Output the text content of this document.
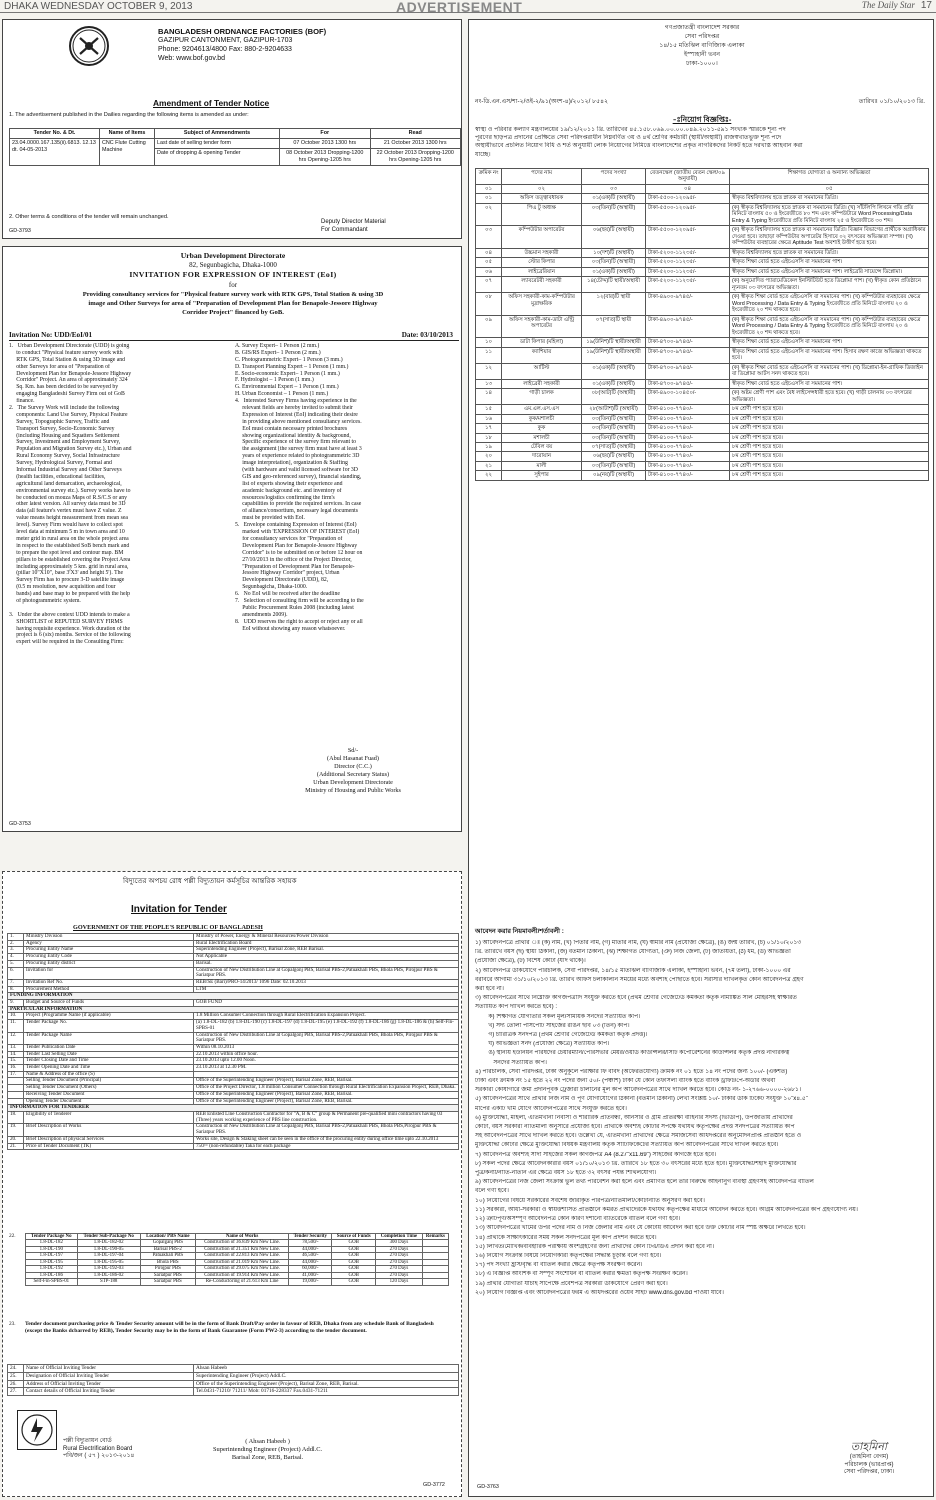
DHAKA WEDNESDAY OCTOBER 9, 2013	ADVERTISEMENT	The Daily Star 17
BANGLADESH ORDNANCE FACTORIES (BOF)
GAZIPUR CANTONMENT, GAZIPUR-1703
Phone: 9204613/4800 Fax: 880-2-9204633
Web: www.bof.gov.bd
Amendment of Tender Notice
1. The advertisement published in the Dailies regarding the following items is amended as under:
Tender No. & Dt.	Name of Items	Subject of Ammendments	For	Read
23.04.0000.167.135(ii).6813. 12.13 dt. 04-05-2013	CNC Flute Cutting Machine	Last date of selling tender form	07 October 2013 1300 hrs	21 October 2013 1300 hrs
		Date of dropping & opening Tender	08 October 2013 Dropping-1200 hrs Opening-1205 hrs	22 October 2013 Dropping-1200 hrs Opening-1205 hrs
2. Other terms & conditions of the tender will remain unchanged.
Deputy Director Material
For Commandant
GD-3793
Urban Development Directorate
82, Segunbagicha, Dhaka-1000
INVITATION FOR EXPRESSION OF INTEREST (EoI)
for
Providing consultancy services for "Physical feature survey work with RTK GPS, Total Station & using 3D
image and Other Surveys for area of "Preparation of Development Plan for Benapole-Jessore Highway
Corridor Project" financed by GoB.
Invitation No: UDD/EoI/01	Date: 03/10/2013
1.   Urban Development Directorate (UDD) is going
to conduct "Physical feature survey work with
RTK GPS, Total Station & using 3D image and
other Surveys for area of "Preparation of
Development Plan for Benapole-Jessore Highway
Corridor" Project. An area of approximately 324
Sq. Km. has been decided to be surveyed by
engaging Bangladeshi Survey Firm out of GoB
finance.
2.   The Survey Work will include the following
components: Land Use Survey, Physical Feature
Survey, Topographic Survey, Traffic and
Transport Survey, Socio-Economic Survey
(including Housing and Squatters Settlement
Survey, Investment and Employment Survey,
Population and Migration Survey etc.), Urban and
Rural Economy Survey, Social Infrastructure
Survey, Hydrological Survey, Formal and
Informal Industrial Survey and Other Surveys
(health facilities, educational facilities,
agricultural land demarcation, archaeological,
environmental survey etc.). Survey works have to
be conducted on mouza Maps of R.S/C.S or any
other latest version. All survey data must be 3D
data (all feature's vertex must have Z value. Z
value means height measurement from mean sea
level). Survey Firm would have to collect spot
level data at minimum 5 m in town area and 10
meter grid in rural area on the whole project area
in respect to the established SoB bench mark and
to prepare the spot level and contour map. BM
pillars to be established covering the Project Area
including approximately 5 km. grid in rural area,
(pillar 10"X10", base 3'X3' and height 5'). The
Survey Firm has to procure 3-D satellite image
(0.5 m resolution, new acquisition and four
bands) and base map to be prepared with the help
of photogrammetric system.
3.   Under the above context UDD intends to make a
SHORTLIST of REPUTED SURVEY FIRMS
having requisite experience. Work duration of the
project is 6 (six) months. Service of the following
expert will be required in the Consulting Firm:
A. Survey Expert– 1 Person (2 mm.)
B. GIS/RS Expert– 1 Person (2 mm.)
C. Photogrammetric Expert– 1 Person (3 mm.)
D. Transport Planning Expert – 1 Person (1 mm.)
E. Socio-economic Expert– 1 Person (1 mm.)
F. Hydrologist – 1 Person (1 mm.)
G. Environmental Expert – 1 Person (1 mm.)
H. Urban Economist – 1 Person (1 mm.)
4.   Interested Survey Firms having experience in the
relevant fields are hereby invited to submit their
Expression of Interest (EoI) indicating their desire
in providing above mentioned consultancy services.
EoI must contain necessary printed brochures
showing organizational identity & background,
Specific experience of the survey firm relevant to
the assignment [the survey firm must have at least 3
years of experience related to photogrammetric 3D
image interpretation], organization & Staffing
(with hardware and valid licensed software for 3D
GIS and geo-referenced survey), financial standing,
list of experts showing their experience and
academic background etc. and inventory of
resources/logistics confirming the firm's
capabilities to provide the required services. In case
of alliance/consortium, necessary legal documents
must be provided with EoI.
5.   Envelope containing Expression of Interest (EoI)
marked with 'EXPRESSION OF INTEREST (EoI)
for consultancy services for "Preparation of
Development Plan for Benapole-Jessore Highway
Corridor" is to be submitted on or before 12 hour on
27/10/2013 in the office of the Project Director,
"Preparation of Development Plan for Benapole-
Jessore Highway Corridor" project, Urban
Development Directorate (UDD), 82,
Segunbagicha, Dhaka-1000.
6.   No EoI will be received after the deadline
7.   Selection of consulting firm will be according to the
Public Procurement Rules 2008 (including latest
amendments 2009).
8.   UDD reserves the right to accept or reject any or all
EoI without showing any reason whatsoever.
Sd/-
(Abul Hasanat Fuad)
Director (C.C.)
(Additional Secretary Status)
Urban Development Directorate
Ministry of Housing and Public Works
GD-3753
বিদ্যুতের অপচয় রোধ পল্লী বিদ্যুতায়ন কর্মসূচির আন্তরিক সহায়ক
Invitation for Tender
GOVERNMENT OF THE PEOPLE'S REPUBLIC OF BANGLADESH
1.	Ministry Division	Ministry of Power, Energy & Mineral Resources/Power Division
2.	Agency	Rural Electrification Board
3.	Procuring Entity Name	Superintending Engineer (Project), Barisal Zone, REB Barisal.
4.	Procuring Entity Code	Not Applicable
5.	Procuring Entity district	Barisal.
6.	Invitation for	Construction of New Distribution Line at Gopalgonj PBS, Barisal PBS-2,Patuakhali PBS, Bhola PBS, Pirojpur PBS & Sariatpur PBS.
7.	Invitation Ref No.	REB/SE (Bari)/PRO-14/2013/ 1096 Date: 02.10.2013
8.	Procurement Method	LTM
FUNDING INFORMATION		
9.	Budget and Source of Funds	GOB FUND
PARTICULAR INFORMATION		
10.	Project (Programme Name (if applicable)	1.8 Million Consumer Connection through Rural Electrification Expansion Project.
11.	Tender Package No.	(a) 1.8-DL-182 (b) 1.8-DL-190 (c) 1.8-DL-197 (d) 1.8-DL-195 (e) 1.8-DL-192 (f) 1.8-DL-186 (g) 1.8-DL-186 & (h) Self-Fin-SPBS-01
12.	Tender Package Name	Construction of New Distribution Line at Gopalgonj PBS, Barisal PBS-2,Patuakhali PBS, Bhola PBS, Pirojpur PBS & Sariatpur PBS.
13.	Tender Publication Date	Within 08.10.2013
14.	Tender Last Selling Date	22.10.2013 within office hour.
15.	Tender Closing Date and Time	23.10.2013 upto 12.00 Noon.
16.	Tender Opening Date and Time	23.10.2013 at 12.30 PM.
17.	Name & Address of the office (S)	
	Selling Tender Document (Principal)	Office of the Superintending Engineer (Project), Barisal Zone, REB, Barisal.
	Selling Tender Document (Others)	Office of the Project Director, 1.8 million Consumer Connection through Rural Electrification Expansion Project, REB, Dhaka.
	Receiving Tender Document	Office of the Superintending Engineer (Project), Barisal Zone, REB, Barisal.
	Opening Tender Document	Office of the Superintending Engineer (Project), Barisal Zone, REB, Barisal.
INFORMATION FOR TENDERER		
18.	Eligibility of Tenderer	REB Enlisted Line Construction Contractor for "A, B & C" group & Permanent pre-qualified mini contractors having 03 (Three) years working experience of PBS line construction.
19.	Brief Description of Works	Construction of New Distribution Line at Gopalgonj PBS, Barisal PBS-2,Patuakhali PBS, Bhola PBS,Pirojpur PBS & Sariatpur PBS.
20.	Brief Description of physical Services	Works site, Design & Staking sheet can be seen in the office of the procuring entity during office time upto 22.10.2013
21.	Price of Tender Document (TK)	750/= (non-refundable) Taka for each package
Tender Package No	Tender Sub-Package No	Location/ PBS Name	Name of Works	Tender Security	Source of Funds	Completion Time	Remarks
1.8-DL-182	1.8-DL-182-02	Gopalganj PBS	Construction of 36.839 Km New Line.	78,500/-	GOB	300 Days	
1.8-DL-190	1.8-DL-190-05	Barisal PBS-2	Construction of 21.351 Km New Line.	44,000/-	GOB	270 Days	
1.8-DL-197	1.8-DL-197-04	Patuakhali PBS	Construction of 22.813 Km New Line.	46,500/-	GOB	270 Days	
1.8-DL-195	1.8-DL-195-05	Bhola PBS	Construction of 21.019 Km New Line.	44,000/-	GOB	270 Days	
1.8-DL-192	1.8-DL-192-03	Pirojpur PBS	Construction of 29.075 Km New Line.	60,000/-	GOB	270 Days	
1.8-DL-186	1.8-DL-186-02	Sariatpur PBS	Construction of 19.914 Km New Line.	41,000/-	GOB	270 Days	
Self-Fin-SPBS-01	STP-188	Sariatpur PBS	Re-Conductoring of 21.613 Km Line	19,000/-	GOB	120 Days	
22.
23. Tender document purchasing price & Tender Security amount will be in the form of Bank Draft/Pay order in favour of REB, Dhaka from any schedule Bank of Bangladesh (except the Banks dcbarred by REB), Tender Security may be in the form of Bank Guarantee (Form PW2-3) according to the tender document.
24.	Name of Official Inviting Tender	Ahsan Habeeb
25.	Designation of Official Inviting Tender	Superintending Engineer (Project) Addl.C.
26.	Address of Official Inviting Tender	Office of the Superintending Engineer (Project), Barisal Zone, REB, Barisal.
27.	Contact details of Official Inviting Tender	Tel.0431-71210/ 71211/ Mob: 01716-228337 Fax.0431-71211
পল্লী বিদ্যুতায়ন বোর্ড
Rural Electrification Board
পবি/জন ( ৫৭ ) ২০১৩-২০১৪
( Ahsan Habeeb )
Superintending Engineer (Project) Addl.C.
Barisal Zone, REB, Barisal.
GD-3772
গণপ্রজাতন্ত্রী বাংলাদেশ সরকার
সেবা পরিদপ্তর
১৪/১৫ মতিঝিল বাণিজ্যিক এলাকা
ইস্পাহানী ভবন
ঢাকা-১০০০।
নং-ডি.এন.এস/শা-২/ওই-২/৯১(অংশ-৪)/২০১২/ ৮৫৪২	তারিখঃ ০১/১০/২০১৩ খ্রি.
-ঃনিয়োগ বিজ্ঞপ্তিঃ-
স্বাস্থ্য ও পরিবার কল্যাণ মন্ত্রণালয়ের ১৯/১২/২০১১ খ্রি. তারিখের ৪৫.১৫৮.০৬৯.০০.০০.০৪৯.২০১১-৫৯১ সংখ্যক স্মারকে শূন্য পদ
পূরণের ছাড়পত্র প্রদানের প্রেক্ষিতে সেবা পরিদপ্তরাধীন নিম্নবর্ণিত ৩য় ও ৪র্থ শ্রেণির কর্মচারী (স্থায়ী/অস্থায়ী) রাজস্বখাতভুক্ত শূন্য পদে
অস্থায়ীভাবে প্রচলিত নিয়োগ বিধি ও শর্ত অনুযায়ী লোক নিয়োগের নিমিত্তে বাংলাদেশের প্রকৃত নাগরিকদের নিকট হতে দরখাস্ত আহবান করা
যাচ্ছে।
ক্রমিক নং	পদের নাম	পদের সংখ্যা	বেতনস্কেল (জাতীয় বেতন স্কেল/০৯ অনুযায়ী)	শিক্ষাগত যোগ্যতা ও অন্যান্য অভিজ্ঞতা
০১	০২	০৩	০৪	০৫
০১	অফিস তত্ত্বাবধায়ক	০১(এক)টি (অস্থায়ী)	টাকা-৫৫০০-১২০৯৫/-	স্বীকৃত বিশ্ববিদ্যালয় হতে স্নাতক বা সমমানের ডিগ্রি।
০২	পিএ টু অধ্যক্ষ	০৩(তিন)টি (অস্থায়ী)	টাকা-৫৫০০-১২০৯৫/-	(ক) স্বীকৃত বিশ্ববিদ্যালয় হতে স্নাতক বা সমমানের ডিগ্রি। (খ) সাঁটলিপি লিখনে গতি প্রতি মিনিটে বাংলায় ৫০ ও ইংরেজীতে ৮০ শব্দ এবং কম্পিউটারে Word Processing/Data Entry & Typing ইংরেজীতে প্রতি মিনিটে বাংলায় ২৫ ও ইংরেজীতে ৩০ শব্দ।
০৩	কম্পিউটার অপারেটর	০৬(ছয়)টি (অস্থায়ী)	টাকা-৫৫০০-১২০৯৫/-	(ক) স্বীকৃত বিশ্ববিদ্যালয় হতে স্নাতক বা সমমানের ডিগ্রি। বিজ্ঞান বিভাগের প্রার্থীকে অগ্রাধিকার দেওয়া হবে। তাছাড়া কম্পিউটার অপারেটর হিসাবে ০২ বৎসরের অভিজ্ঞতা সম্পন্ন। (খ) কম্পিউটার ব্যবহারের ক্ষেত্রে Aptitude Test অবশ্যই উত্তীর্ণ হতে হবে।
০৪	উচ্চমান সহকারী	১০(দশ)টি (অস্থায়ী)	টাকা-৫২০০-১১২৩৫/-	স্বীকৃত বিশ্ববিদ্যালয় হতে স্নাতক বা সমমানের ডিগ্রি।
০৫	স্টোর কিপার	০৩(তিন)টি (অস্থায়ী)	টাকা-৫২০০-১১২৩৫/-	স্বীকৃত শিক্ষা বোর্ড হতে এইচএসসি বা সমমানের পাশ।
০৬	লাইব্রেরিয়ান	০১(এক)টি (অস্থায়ী)	টাকা-৫২০০-১১২৩৫/-	স্বীকৃত শিক্ষা বোর্ড হতে এইচএসসি বা সমমানের পাশ। লাইব্রেরি সায়েন্সে ডিপ্লোমা।
০৭	ল্যাবরেটরী সহকারী	১৪(চৌদ্দ)টি স্থায়ী/অস্থায়ী	টাকা-৫২০০-১১২৩৫/-	(ক) অনুমোদিত প্যারামেডিকেল ইনস্টিটিউট হতে ডিপ্লোমা পাশ। (খ) স্বীকৃত কোন প্রতিষ্ঠানে ন্যূনতম ০৩ বৎসরের অভিজ্ঞতা।
০৮	অফিস সহকারী-কাম-কম্পিউটার মুদ্রাক্ষরিক	১২(বার)টি স্থায়ী	টাকা-৪৯০০-৯৭৪৫/-	(ক) স্বীকৃত শিক্ষা বোর্ড হতে এইচএসসি বা সমমানের পাশ। (খ) কম্পিউটার ব্যবহারের ক্ষেত্রে Word Processing / Data Entry & Typing ইংরেজীতে প্রতি মিনিটে বাংলায় ২০ ও ইংরেজীতে ২০ শব্দ থাকতে হবে।
০৯	অফিস সহকারী-কাম-ডাটা এন্ট্রি অপারেটর	০৭(সাত)টি স্থায়ী	টাকা-৪৯০০-৯৭৪৫/-	(ক) স্বীকৃত শিক্ষা বোর্ড হতে এইচএসসি বা সমমানের পাশ। (খ) কম্পিউটার ব্যবহারের ক্ষেত্রে Word Processing / Data Entry & Typing ইংরেজীতে প্রতি মিনিটে বাংলায় ২০ ও ইংরেজীতে ২০ শব্দ থাকতে হবে।
১০	ডাটা কিপার (মহিলা)	১৯(উনিশ)টি স্থায়ী/অস্থায়ী	টাকা-৪৭০০-৯৭৪৫/-	স্বীকৃত শিক্ষা বোর্ড হতে এইচএসসি বা সমমানের পাশ।
১১	ক্যাশিয়ার	১৯(উনিশ)টি স্থায়ী/অস্থায়ী	টাকা-৪৭০০-৯৭৪৫/-	স্বীকৃত শিক্ষা বোর্ড হতে এইচএসসি বা সমমানের পাশ। হিসাব রক্ষণ কাজে অভিজ্ঞতা থাকতে হবে।
১২	আর্টিস্ট	০১(এক)টি (অস্থায়ী)	টাকা-৪৭০০-৯৭৪৫/-	(ক) স্বীকৃত শিক্ষা বোর্ড হতে এইচএসসি বা সমমানের পাশ। (খ) ডিপ্লোমা-ইন-গ্রাফিক ডিজাইন বা ডিপ্লোমা আর্টস সনদ থাকতে হবে।
১৩	লাইব্রেরী সহকারী	০১(এক)টি (অস্থায়ী)	টাকা-৪৭০০-৯৭৪৫/-	স্বীকৃত শিক্ষা বোর্ড হতে এইচএসসি বা সমমানের পাশ।
১৪	গাড়ী চালক	০৮(আট)টি (অস্থায়ী)	টাকা-৪৯০০-১০৪৫০/-	(ক) অষ্টম শ্রেণী পাশ এবং বৈধ লাইসেন্সধারী হতে হবে। (খ) গাড়ী চালনায় ০৩ বৎসরের অভিজ্ঞতা।
১৫	এম.এল.এস.এস	২৮(আটাশ)টি (অস্থায়ী)	টাকা-৪১০০-৭৭৪০/-	৮ম শ্রেণী পাশ হতে হবে।
১৬	কুক/মশালচী	০৩(তিন)টি (অস্থায়ী)	টাকা-৪১০০-৭৭৪০/-	৮ম শ্রেণী পাশ হতে হবে।
১৭	কুক	০৩(তিন)টি (অস্থায়ী)	টাকা-৪১০০-৭৭৪০/-	৮ম শ্রেণী পাশ হতে হবে।
১৮	মশালচী	০৩(তিন)টি (অস্থায়ী)	টাকা-৪১০০-৭৭৪০/-	৮ম শ্রেণী পাশ হতে হবে।
১৯	টেবিল বয়	০৭(সাত)টি (অস্থায়ী)	টাকা-৪১০০-৭৭৪০/-	৮ম শ্রেণী পাশ হতে হবে।
২০	দারোয়ান	০৬(ছয়)টি (অস্থায়ী)	টাকা-৪১০০-৭৭৪০/-	৮ম শ্রেণী পাশ হতে হবে।
২১	মালী	০৩(তিন)টি (অস্থায়ী)	টাকা-৪১০০-৭৭৪০/-	৮ম শ্রেণী পাশ হতে হবে।
২২	সুইপার	০৯(নয়)টি (অস্থায়ী)	টাকা-৪১০০-৭৭৪০/-	৮ম শ্রেণী পাশ হতে হবে।
আবেদন করার নিয়মাবলী/শর্তাবলী :
১) আবেদনপত্রে প্রার্থীর ঃ (ক) নাম, (খ) পিতার নাম, (গ) মাতার নাম, (ঘ) স্বামীর নাম (প্রযোজ্য ক্ষেত্রে), (ঙ) জন্ম তারিখ, (চ) ০১/১০/২০১৩
খ্রি. তারিখে বয়স (ছ) স্থায়ী ঠিকানা, (জ) বর্তমান ঠিকানা, (ঝ) শিক্ষাগত যোগ্যতা, (ঞ) নিজ জেলা, (ট) জাতীয়তা, (ঠ) ধর্ম, (ড) অভিজ্ঞতা
(প্রযোজ্য ক্ষেত্রে), (ঢ) বিশেষ কোটা (যদি থাকে)।
২) আবেদনপত্র ডাকযোগে পরিচালক, সেবা পরিদপ্তর, ১৪/১৫ মতিঝিল বাণিজ্যিক এলাকা, ইস্পাহানী ভবন, (৭ম তলা), ঢাকা-১০০০ এর
বরাবরে আগামী ৩১/১০/২০১৩ খ্রি. তারিখ অফিস চলাকালীন সময়ের মধ্যে অবশ্যই পৌঁছাতে হবে। সরাসরি দাখিলকৃত কোন আবেদনপত্র গ্রহণ
করা হবে না।
৩) আবেদনপত্রের সাথে নিম্নোক্ত কাগজপত্রাদি সংযুক্ত করতে হবে (প্রথম শ্রেণীর গেজেটেড কর্মকর্তা কর্তৃক নামাঙ্কিত সীল মোহরসহ স্বাক্ষরিত
সত্যায়িত কপি দাখিল করতে হবে) :
ক) শিক্ষাগত যোগ্যতার সকল মূল/সাময়িক সনদের সত্যায়িত কপি।
খ) সদ্য তোলা পাসপোর্ট সাইজের রঙিন ছবি ০৩ (তিন) কপি।
গ) চারিত্রিক সনদপত্র (প্রথম শ্রেণীর গেজেটেড কর্মকর্তা কর্তৃক প্রদত্ত)।
ঘ) অভিজ্ঞতা সনদ (প্রযোজ্য ক্ষেত্রে) সত্যায়িত কপি।
ঙ) স্থানীয় ইউনিয়ন পরিষদের চেয়ারম্যান/পৌরসভার মেয়র/ওয়ার্ড কাউন্সিলর/সিটি কর্পোরেশনের কাউন্সিলর কর্তৃক প্রদত্ত নাগরিকত্ব
সনদের সত্যায়িত কপি।
৪) পরিচালক, সেবা পরিদপ্তর, ঢাকা অনুকূলে পরীক্ষার ফি বাবদ (অফেরতযোগ্য) ক্রমিক নং ০১ হতে ১৪ নং পদের জন্য ১০০/- (একশত)
টাকা এবং ক্রমিক নং ১৫ হতে ২২ নং পদের জন্য ৫০/- (পঞ্চাশ) টাকা যে কোন তফসিলী ব্যাংক হতে ব্যাংক ড্রাফট/পে-অর্ডার অথবা
সরকারী কোষাগারে জমা প্রদানপূর্বক ট্রেজারী চালানের মূল কপি আবেদনপত্রের সাথে দাখিল করতে হবে। কোড নং- ১-২৭৬৬-০০০০-২৬৮১।
৫) আবেদনপত্রের সাথে প্রার্থীর নিজ নাম ও পূর্ণ যোগাযোগের ঠিকানা (বর্তমান ঠিকানা) লেখা সংশ্লিষ্ট ১০/- টাকার ডাক টিকেট সংযুক্ত ১০"x৪.৫"
মাপের একটি খাম যোগে আবেদনপত্রের সাথে সংযুক্ত করতে হবে।
৬) মুক্তিযোদ্ধা, মহিলা, এতিমখানা নিবাসী ও শারীরিক প্রতিবন্ধী, আনসার ও গ্রাম প্রতিরক্ষা বাহিনীর সদস্য (ভিডিপি), উপজাতীয় প্রার্থীদের
কোটা, বয়স সরকারী নীতিমালা অনুসারে প্রযোজ্য হবে। প্রার্থীকে অবশ্যই কোটার সপক্ষে যথাযথ কর্তৃপক্ষের প্রদত্ত সনদপত্রের সত্যায়িত কপি
সহ আবেদনপত্রের সাথে দাখিল করতে হবে। উল্লেখ্য যে, এতিমখানা প্রার্থীদের ক্ষেত্রে সমাজসেবা অধিদপ্তরের অনুমোদনপ্রাপ্ত প্রতিষ্ঠান হতে ও
মুক্তিযোদ্ধা কোটার ক্ষেত্রে মুক্তিযোদ্ধা বিষয়ক মন্ত্রণালয় কর্তৃক সার্টিফিকেটের সত্যায়িত কপি আবেদনপত্রের সাথে দাখিল করতে হবে।
৭) আবেদনপত্র অবশ্যই সাদা সাইজের সকল কাগজপত্র A4 (8.27"x11.69") সাইজের কাগজে হতে হবে।
৮) সকল পদের ক্ষেত্রে আবেদনকারীর বয়স ০১/১০/২০১৩ খ্রি. তারিখে ১৮ হতে ৩০ বৎসরের মধ্যে হতে হবে। মুক্তিযোদ্ধা/শহীদ মুক্তিযোদ্ধার
পুত্র/কন্যা/নাতি-নাতনি এর ক্ষেত্রে বয়স ১৮ হতে ৩২ বৎসর পর্যন্ত শিথিলযোগ্য।
৯) আবেদনপত্রের নিজ জেলা সংক্রান্ত ভুল তথ্য পরিবেশন করা হলে এবং প্রমাণিত হলে তার বিরুদ্ধে আইনানুগ ব্যবস্থা গ্রহণসহ আবেদনপত্র বাতিল
বলে গণ্য হবে।
১০) নিয়োগের বিষয়ে সরকারের সর্বশেষ জারীকৃত পরিপত্র/নীতিমালা/কোটানীতি অনুসরণ করা হবে।
১১) সরকারী, আধা-সরকারী ও স্বায়ত্তশাসিত প্রতিষ্ঠানে কর্মরত প্রার্থীদেরকে যথাযথ কর্তৃপক্ষের মাধ্যমে আবেদন করতে হবে। অগ্রিম আবেদনপত্রের কপি গ্রহণযোগ্য নয়।
১২) ত্রুটিপূর্ণ/অসম্পূর্ণ আবেদনপত্র কোন কারণ দর্শানো ব্যতিরেকে বাতিল বলে গণ্য হবে।
১৩) আবেদনপত্রের খামের উপর পদের নাম ও নিজ জেলার নাম এবং যে কোটায় আবেদন করা হবে উক্ত কোটার নাম স্পষ্ট অক্ষরে লিখতে হবে।
১৪) প্রার্থীকে সাক্ষাৎকারের সময় সকল সনদপত্রের মূল কপি প্রদর্শন করতে হবে।
১৫) লিখিত/মৌখিক/ব্যবহারিক পরীক্ষায় অংশগ্রহণের জন্য প্রার্থীদের কোন টিএ/ডিএ প্রদান করা হবে না।
১৬) নিয়োগ সংক্রান্ত বিষয়ে নিয়োগকারী কর্তৃপক্ষের সিদ্ধান্ত চূড়ান্ত বলে গণ্য হবে।
১৭) পদ সংখ্যা হ্রাস/বৃদ্ধি বা বাতিল করার ক্ষেত্রে কর্তৃপক্ষ সংরক্ষণ করেন।
১৮) এ বিজ্ঞপ্তি আংশিক বা সম্পূর্ণ সংশোধন বা বাতিল করার ক্ষমতা কর্তৃপক্ষ সংরক্ষণ করেন।
১৯) প্রার্থীর যোগ্যতা যাচাই সাপেক্ষে প্রবেশপত্র সরকারী ডাকযোগে প্রেরণ করা হবে।
২০) নিয়োগ বিজ্ঞপ্তি এবং আবেদনপত্রের ফরম এ অধিদপ্তরের ওয়েব সাইট www.dns.gov.bd পাওয়া যাবে।
তাহমিনা
(তাহমিনা বেগম)
পরিচালক (ভারপ্রাপ্ত)
সেবা পরিদপ্তর, ঢাকা।
GD-3763
